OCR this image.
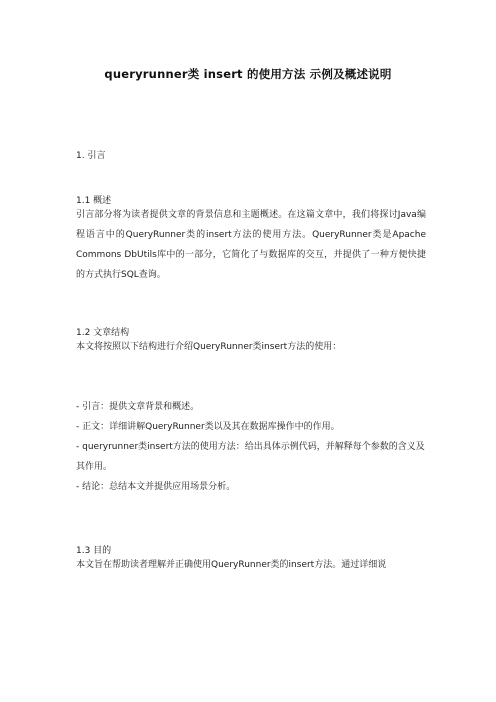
queryrunner类 insert 的使用方法 示例及概述说明
1. 引言
1.1 概述

引言部分将为读者提供文章的背景信息和主题概述。在这篇文章中，我们将探讨Java编程语言中的QueryRunner类的insert方法的使用方法。QueryRunner类是Apache Commons DbUtils库中的一部分，它简化了与数据库的交互，并提供了一种方便快捷的方式执行SQL查询。

1.2 文章结构

本文将按照以下结构进行介绍QueryRunner类insert方法的使用：

- 引言：提供文章背景和概述。

- 正文：详细讲解QueryRunner类以及其在数据库操作中的作用。

- queryrunner类insert方法的使用方法：给出具体示例代码，并解释每个参数的含义及其作用。

- 结论：总结本文并提供应用场景分析。

1.3 目的

本文旨在帮助读者理解并正确使用QueryRunner类的insert方法。通过详细说
